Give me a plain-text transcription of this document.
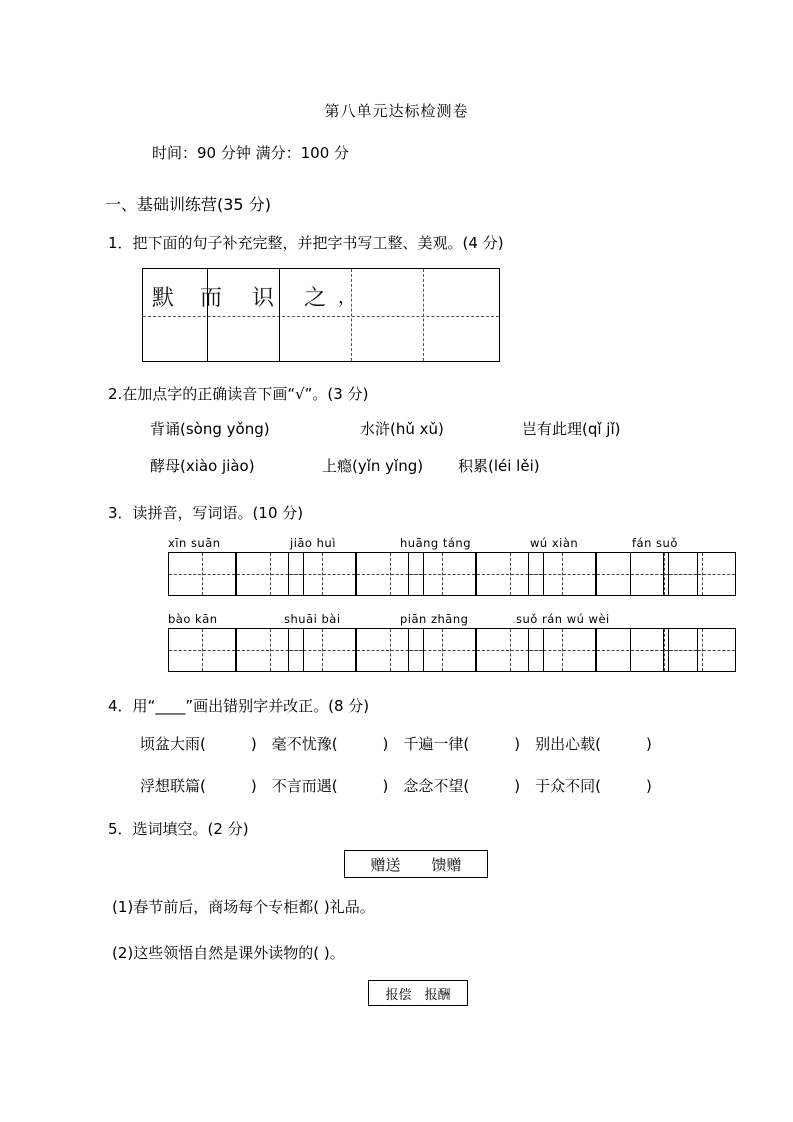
第八单元达标检测卷
时间：90 分钟 满分：100 分
一、基础训练营(35 分)
1．把下面的句子补充完整，并把字书写工整、美观。(4 分)
默 而 识 之 ，
2.在加点字的正确读音下画“√”。(3 分)
背诵(sòng yǒng)	水浒(hǔ xǔ)	岂有此理(qǐ jǐ)
酵母(xiào jiào)	上瘾(yǐn yǐng) 积累(léi lěi)
3．读拼音，写词语。(10 分)
xīn suān	jiāo huì	huāng táng	wú xiàn	fán suǒ
bào kān	shuāi bài	piān zhāng	suǒ rán wú wèi
4．用“____”画出错别字并改正。(8 分)
顷盆大雨(　　　)　毫不忧豫(　　　)　千遍一律(　　　)　别出心载(　　　)
浮想联篇(　　　)　不言而遇(　　　)　念念不望(　　　)　于众不同(　　　)
5．选词填空。(2 分)
赠送 馈赠
(1)春节前后，商场每个专柜都( )礼品。
(2)这些领悟自然是课外读物的( )。
报偿 报酬
